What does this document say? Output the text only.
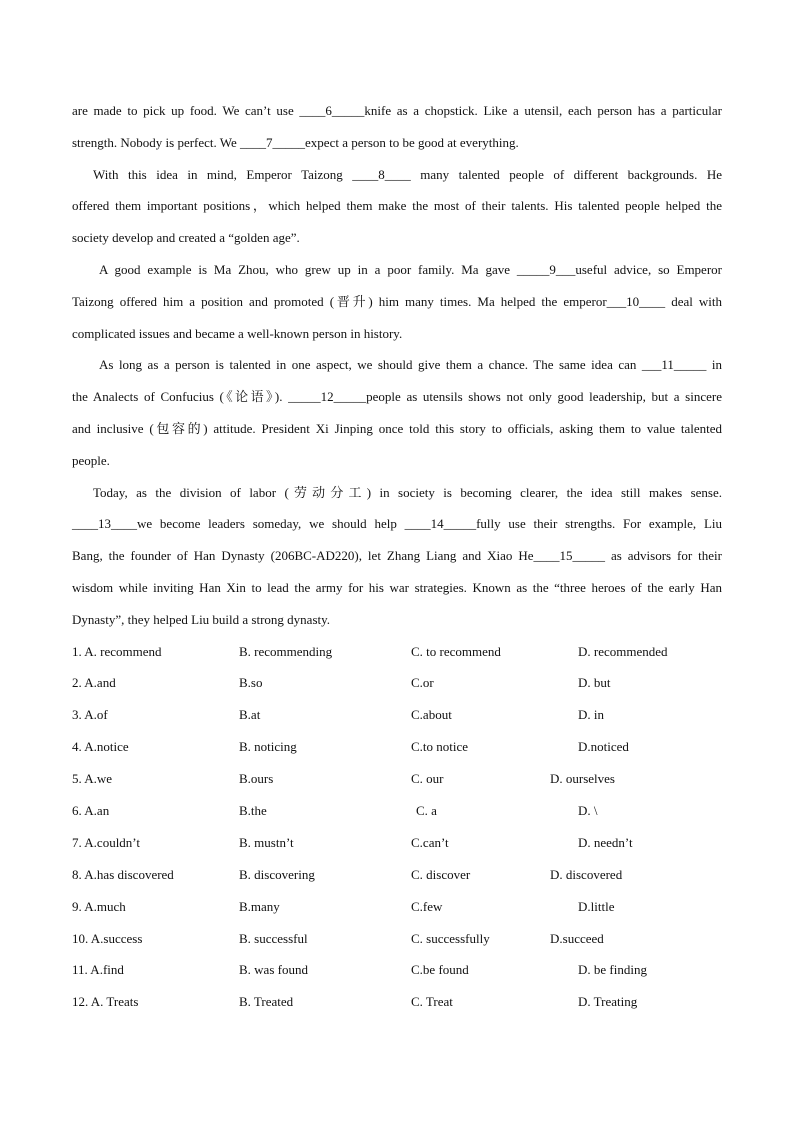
are made to pick up food. We can’t use ____6_____knife as a chopstick. Like a utensil, each person has a particular
strength. Nobody is perfect. We ____7_____expect a person to be good at everything.
With this idea in mind, Emperor Taizong ____8____ many talented people of different backgrounds. He
offered them important positions，which helped them make the most of their talents. His talented people helped the
society develop and created a “golden age”.
A good example is Ma Zhou, who grew up in a poor family. Ma gave _____9___useful advice, so Emperor
Taizong offered him a position and promoted (晋升) him many times. Ma helped the emperor___10____ deal with
complicated issues and became a well-known person in history.
As long as a person is talented in one aspect, we should give them a chance. The same idea can ___11_____ in
the Analects of Confucius (《论语》). _____12_____people as utensils shows not only good leadership, but a sincere
and inclusive (包容的) attitude. President Xi Jinping once told this story to officials, asking them to value talented
people.
Today, as the division of labor (劳动分工) in society is becoming clearer, the idea still makes sense.
____13____we become leaders someday, we should help ____14_____fully use their strengths. For example, Liu
Bang, the founder of Han Dynasty (206BC-AD220), let Zhang Liang and Xiao He____15_____ as advisors for their
wisdom while inviting Han Xin to lead the army for his war strategies. Known as the “three heroes of the early Han
Dynasty”, they helped Liu build a strong dynasty.
1. A. recommend	B. recommending	C. to recommend	D. recommended
2. A.and	B.so	C.or	D. but
3. A.of	B.at	C.about	D. in
4. A.notice	B. noticing	C.to notice	D.noticed
5. A.we	B.ours	C. our	D. ourselves
6. A.an	B.the	C. a	D. \
7. A.couldn’t	B. mustn’t	C.can’t	D. needn’t
8. A.has discovered	B. discovering	C. discover	D. discovered
9. A.much	B.many	C.few	D.little
10. A.success	B. successful	C. successfully	D.succeed
11. A.find	B. was found	C.be found	D. be finding
12. A. Treats	B. Treated	C. Treat	D. Treating
